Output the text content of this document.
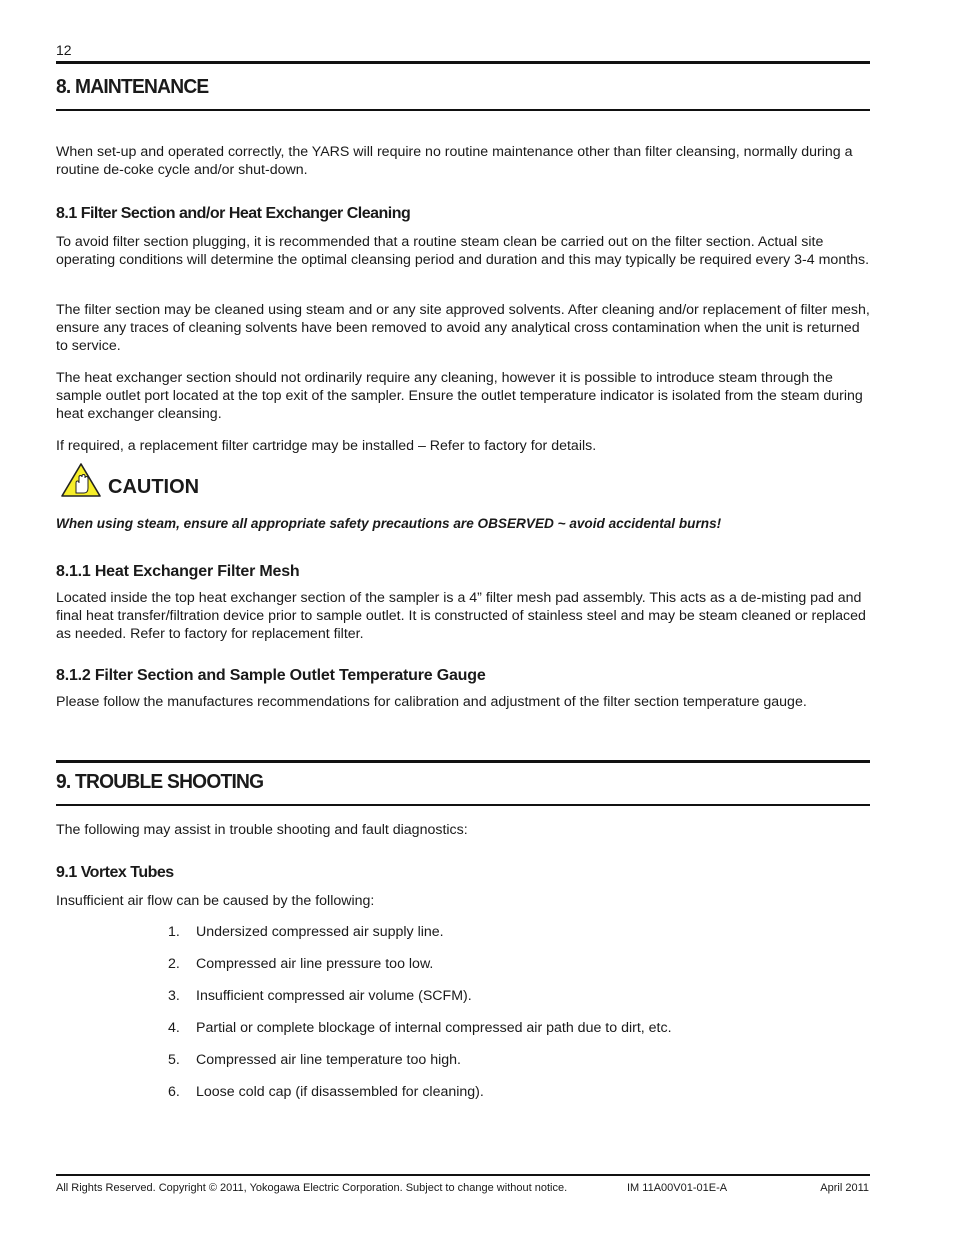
12
8. MAINTENANCE

When set-up and operated correctly, the YARS will require no routine maintenance other than filter cleansing, normally during a routine de-coke cycle and/or shut-down.

8.1 Filter Section and/or Heat Exchanger Cleaning

To avoid filter section plugging, it is recommended that a routine steam clean be carried out on the filter section. Actual site operating conditions will determine the optimal cleansing period and duration and this may typically be required every 3-4 months.

The filter section may be cleaned using steam and or any site approved solvents. After cleaning and/or replacement of filter mesh, ensure any traces of cleaning solvents have been removed to avoid any analytical cross contamination when the unit is returned to service.

The heat exchanger section should not ordinarily require any cleaning, however it is possible to introduce steam through the sample outlet port located at the top exit of the sampler. Ensure the outlet temperature indicator is isolated from the steam during heat exchanger cleansing.

If required, a replacement filter cartridge may be installed – Refer to factory for details.

CAUTION
When using steam, ensure all appropriate safety precautions are OBSERVED ~ avoid accidental burns!
8.1.1 Heat Exchanger Filter Mesh

Located inside the top heat exchanger section of the sampler is a 4” filter mesh pad assembly. This acts as a de-misting pad and final heat transfer/filtration device prior to sample outlet. It is constructed of stainless steel and may be steam cleaned or replaced as needed. Refer to factory for replacement filter.

8.1.2 Filter Section and Sample Outlet Temperature Gauge

Please follow the manufactures recommendations for calibration and adjustment of the filter section temperature gauge.

9. TROUBLE SHOOTING

The following may assist in trouble shooting and fault diagnostics:

9.1 Vortex Tubes

Insufficient air flow can be caused by the following:

1. Undersized compressed air supply line.
2. Compressed air line pressure too low.
3. Insufficient compressed air volume (SCFM).
4. Partial or complete blockage of internal compressed air path due to dirt, etc.
5. Compressed air line temperature too high.
6. Loose cold cap (if disassembled for cleaning).
All Rights Reserved. Copyright © 2011, Yokogawa Electric Corporation. Subject to change without notice.	IM 11A00V01-01E-A	April 2011
